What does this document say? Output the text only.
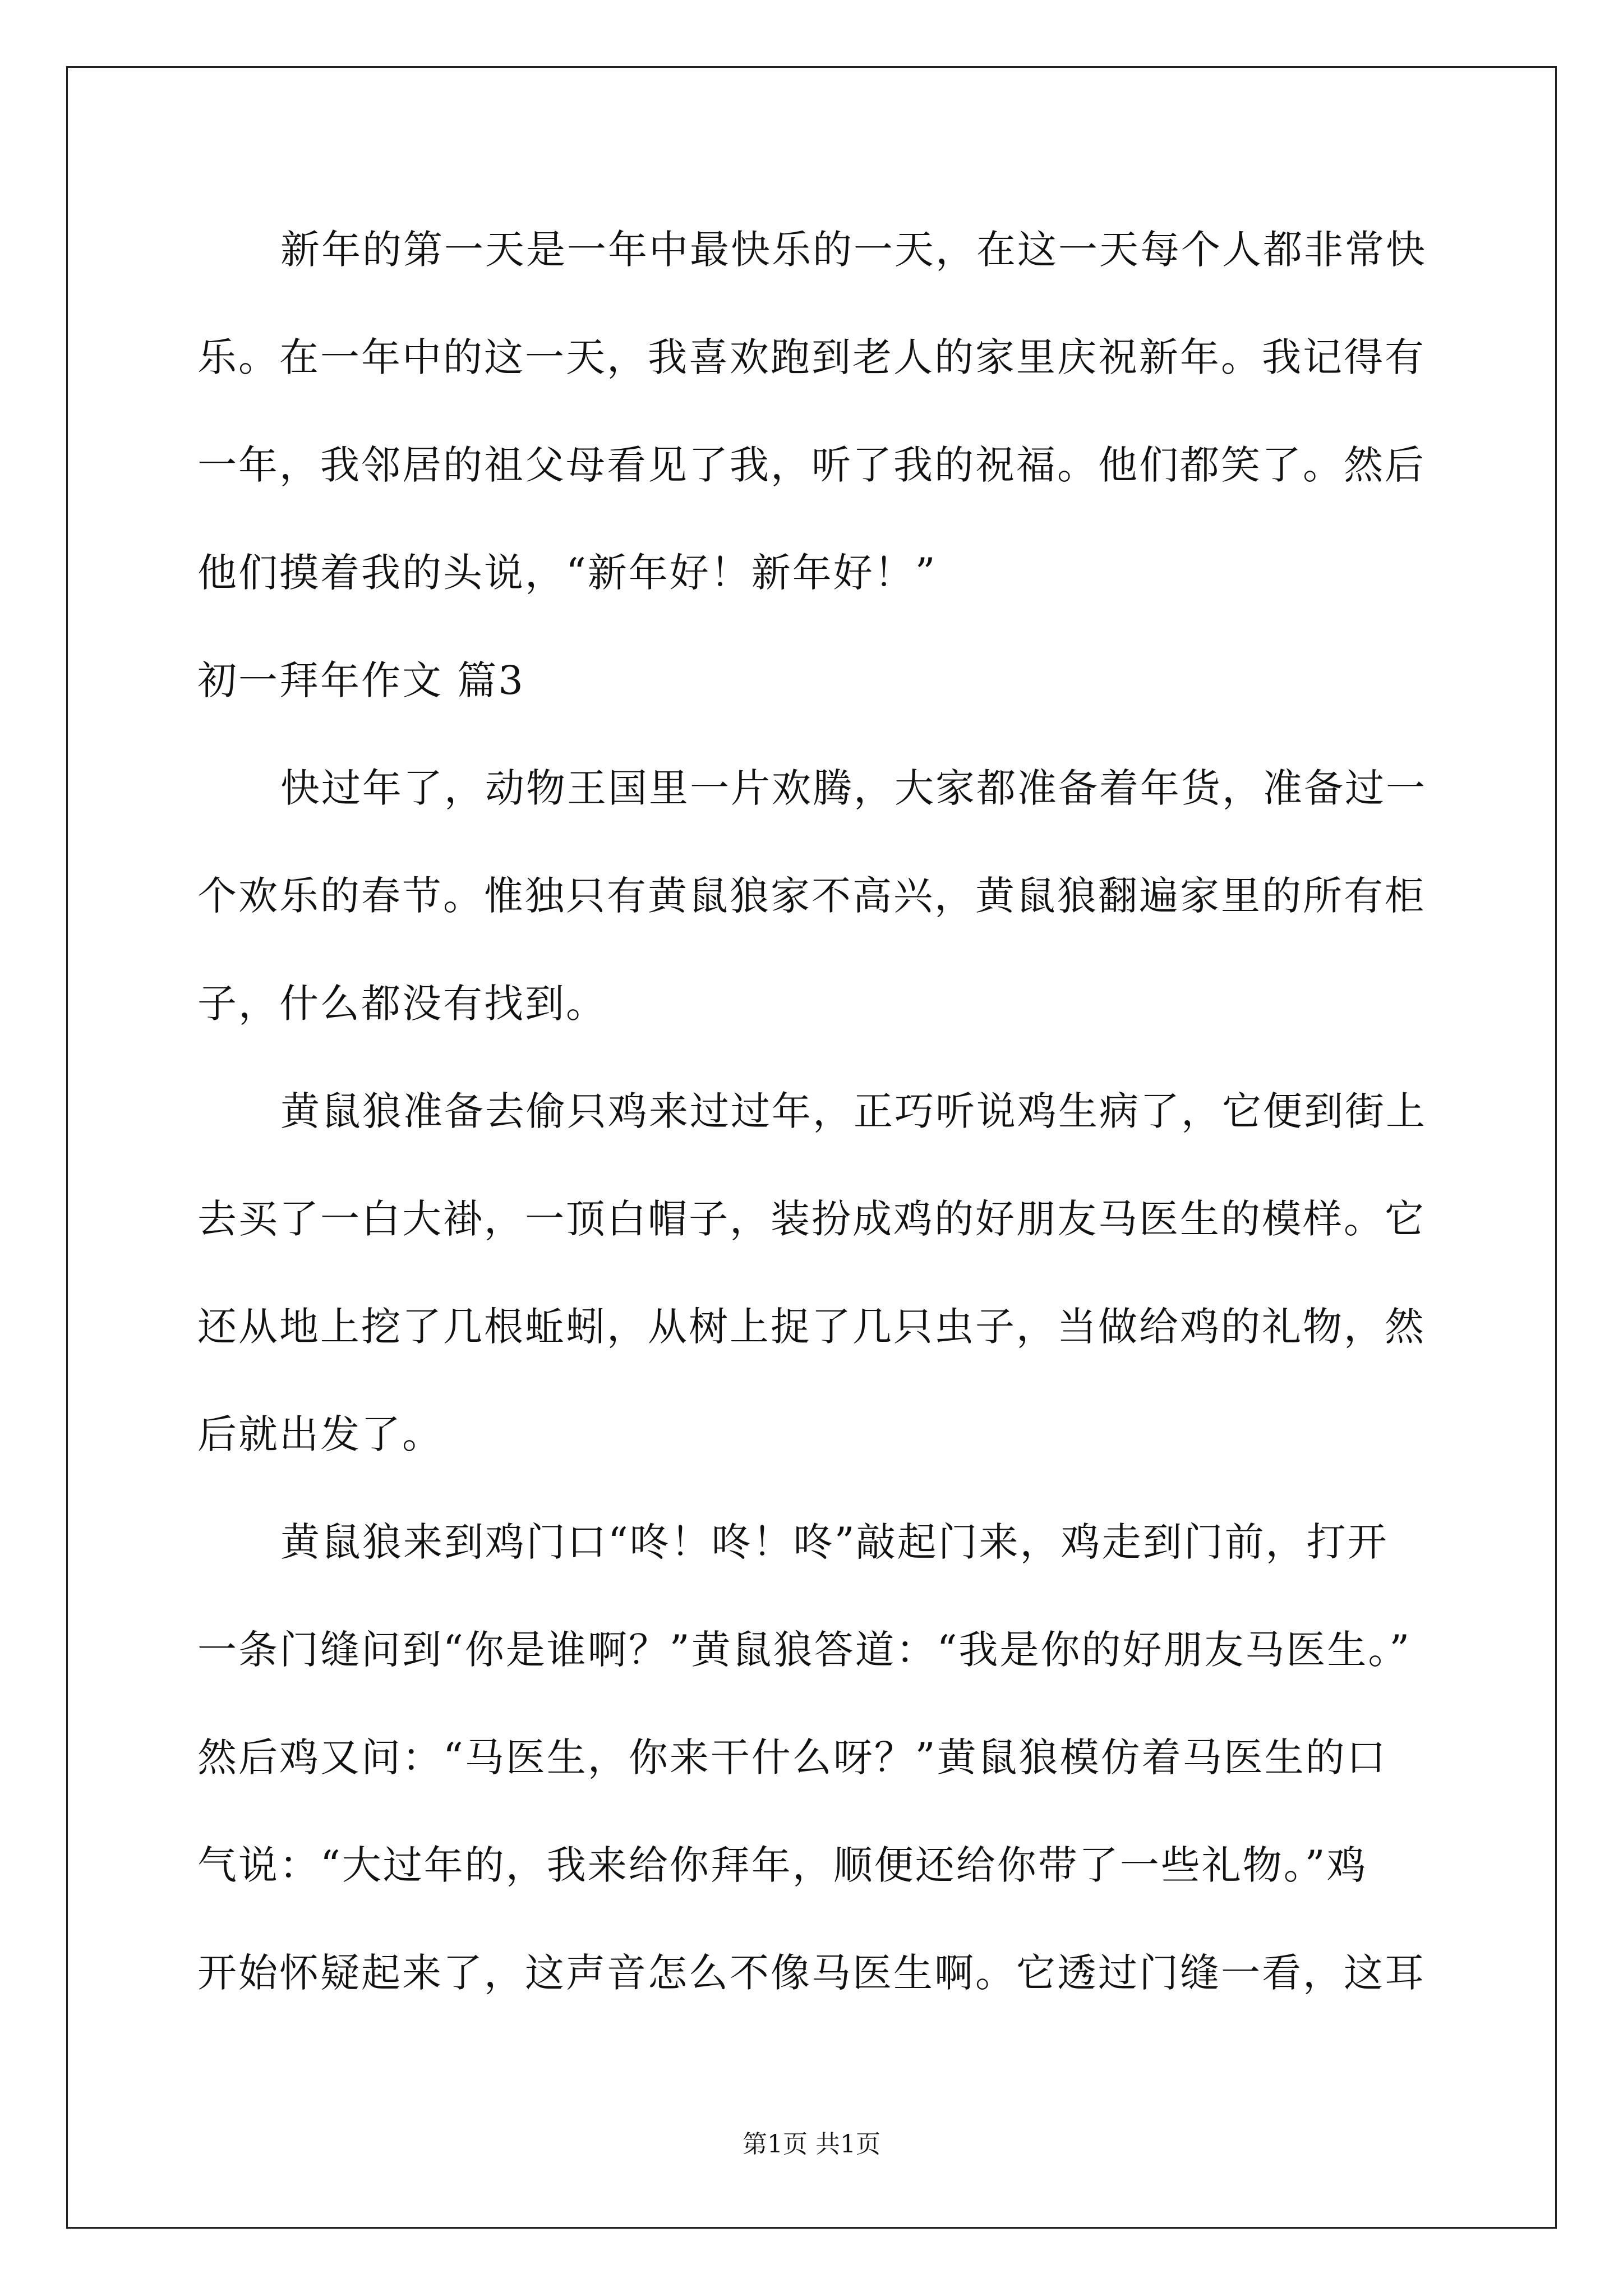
新年的第一天是一年中最快乐的一天，在这一天每个人都非常快
乐。在一年中的这一天，我喜欢跑到老人的家里庆祝新年。我记得有
一年，我邻居的祖父母看见了我，听了我的祝福。他们都笑了。然后
他们摸着我的头说，“新年好！新年好！”
初一拜年作文 篇3
快过年了，动物王国里一片欢腾，大家都准备着年货，准备过一
个欢乐的春节。惟独只有黄鼠狼家不高兴，黄鼠狼翻遍家里的所有柜
子，什么都没有找到。
黄鼠狼准备去偷只鸡来过过年，正巧听说鸡生病了，它便到街上
去买了一白大褂，一顶白帽子，装扮成鸡的好朋友马医生的模样。它
还从地上挖了几根蚯蚓，从树上捉了几只虫子，当做给鸡的礼物，然
后就出发了。
黄鼠狼来到鸡门口“咚！咚！咚”敲起门来，鸡走到门前，打开
一条门缝问到“你是谁啊？”黄鼠狼答道：“我是你的好朋友马医生。”
然后鸡又问：“马医生，你来干什么呀？”黄鼠狼模仿着马医生的口
气说：“大过年的，我来给你拜年，顺便还给你带了一些礼物。”鸡
开始怀疑起来了，这声音怎么不像马医生啊。它透过门缝一看，这耳
第1页 共1页
